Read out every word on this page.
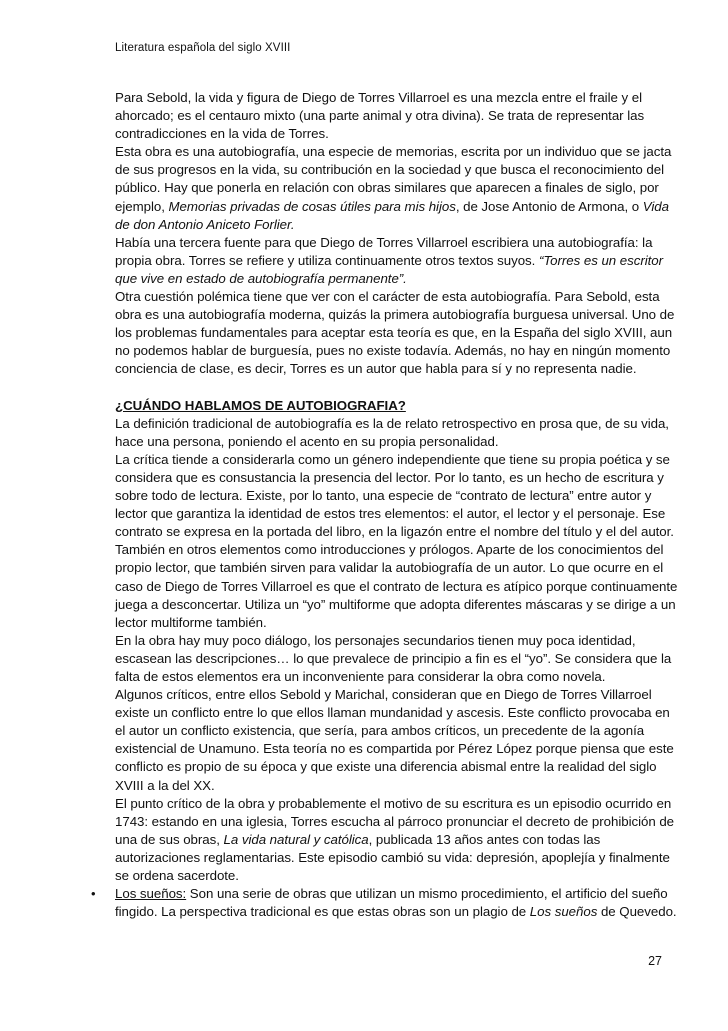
Literatura española del siglo XVIII

Para Sebold, la vida y figura de Diego de Torres Villarroel es una mezcla entre el fraile y el ahorcado; es el centauro mixto (una parte animal y otra divina). Se trata de representar las contradicciones en la vida de Torres.

Esta obra es una autobiografía, una especie de memorias, escrita por un individuo que se jacta de sus progresos en la vida, su contribución en la sociedad y que busca el reconocimiento del público. Hay que ponerla en relación con obras similares que aparecen a finales de siglo, por ejemplo, Memorias privadas de cosas útiles para mis hijos, de Jose Antonio de Armona, o Vida de don Antonio Aniceto Forlier.

Había una tercera fuente para que Diego de Torres Villarroel escribiera una autobiografía: la propia obra. Torres se refiere y utiliza continuamente otros textos suyos. “Torres es un escritor que vive en estado de autobiografía permanente”.

Otra cuestión polémica tiene que ver con el carácter de esta autobiografía. Para Sebold, esta obra es una autobiografía moderna, quizás la primera autobiografía burguesa universal. Uno de los problemas fundamentales para aceptar esta teoría es que, en la España del siglo XVIII, aun no podemos hablar de burguesía, pues no existe todavía. Además, no hay en ningún momento conciencia de clase, es decir, Torres es un autor que habla para sí y no representa nadie.

¿CUÁNDO HABLAMOS DE AUTOBIOGRAFIA?

La definición tradicional de autobiografía es la de relato retrospectivo en prosa que, de su vida, hace una persona, poniendo el acento en su propia personalidad.

La crítica tiende a considerarla como un género independiente que tiene su propia poética y se considera que es consustancia la presencia del lector. Por lo tanto, es un hecho de escritura y sobre todo de lectura. Existe, por lo tanto, una especie de “contrato de lectura” entre autor y lector que garantiza la identidad de estos tres elementos: el autor, el lector y el personaje. Ese contrato se expresa en la portada del libro, en la ligazón entre el nombre del título y el del autor. También en otros elementos como introducciones y prólogos. Aparte de los conocimientos del propio lector, que también sirven para validar la autobiografía de un autor. Lo que ocurre en el caso de Diego de Torres Villarroel es que el contrato de lectura es atípico porque continuamente juega a desconcertar. Utiliza un “yo” multiforme que adopta diferentes máscaras y se dirige a un lector multiforme también.

En la obra hay muy poco diálogo, los personajes secundarios tienen muy poca identidad, escasean las descripciones… lo que prevalece de principio a fin es el “yo”. Se considera que la falta de estos elementos era un inconveniente para considerar la obra como novela.

Algunos críticos, entre ellos Sebold y Marichal, consideran que en Diego de Torres Villarroel existe un conflicto entre lo que ellos llaman mundanidad y ascesis. Este conflicto provocaba en el autor un conflicto existencia, que sería, para ambos críticos, un precedente de la agonía existencial de Unamuno. Esta teoría no es compartida por Pérez López porque piensa que este conflicto es propio de su época y que existe una diferencia abismal entre la realidad del siglo XVIII a la del XX.

El punto crítico de la obra y probablemente el motivo de su escritura es un episodio ocurrido en 1743: estando en una iglesia, Torres escucha al párroco pronunciar el decreto de prohibición de una de sus obras, La vida natural y católica, publicada 13 años antes con todas las autorizaciones reglamentarias. Este episodio cambió su vida: depresión, apoplejía y finalmente se ordena sacerdote.

• Los sueños: Son una serie de obras que utilizan un mismo procedimiento, el artificio del sueño fingido. La perspectiva tradicional es que estas obras son un plagio de Los sueños de Quevedo.

27
